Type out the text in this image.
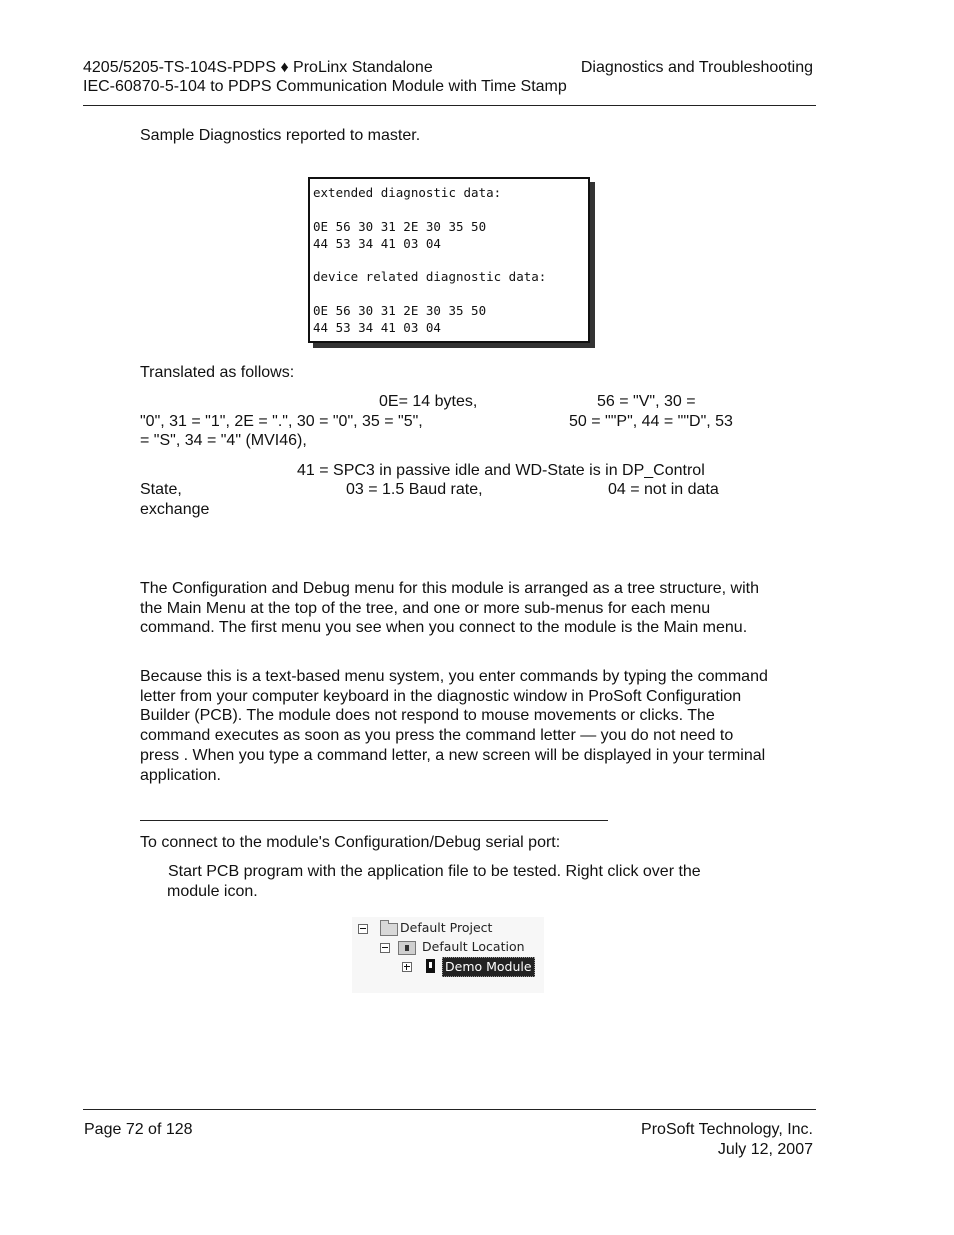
4205/5205-TS-104S-PDPS ♦ ProLinx Standalone	Diagnostics and Troubleshooting
IEC-60870-5-104 to PDPS Communication Module with Time Stamp
Sample Diagnostics reported to master.
extended diagnostic data:
0E 56 30 31 2E 30 35 50
44 53 34 41 03 04
device related diagnostic data:
0E 56 30 31 2E 30 35 50
44 53 34 41 03 04
Translated as follows:
0E= 14 bytes,	56 = "V", 30 =
"0", 31 = "1", 2E = ".", 30 = "0", 35 = "5",	50 = ""P", 44 = ""D", 53
= "S", 34 = "4" (MVI46),
41 = SPC3 in passive idle and WD-State is in DP_Control
State,	03 = 1.5 Baud rate,	04 = not in data
exchange

The Configuration and Debug menu for this module is arranged as a tree structure, with the Main Menu at the top of the tree, and one or more sub-menus for each menu command. The first menu you see when you connect to the module is the Main menu.

Because this is a text-based menu system, you enter commands by typing the command letter from your computer keyboard in the diagnostic window in ProSoft Configuration Builder (PCB). The module does not respond to mouse movements or clicks. The command executes as soon as you press the command letter — you do not need to press . When you type a command letter, a new screen will be displayed in your terminal application.

To connect to the module's Configuration/Debug serial port:
Start PCB program with the application file to be tested. Right click over the
module icon.
Default Project
Default Location
Demo Module
Page 72 of 128	ProSoft Technology, Inc.
July 12, 2007
